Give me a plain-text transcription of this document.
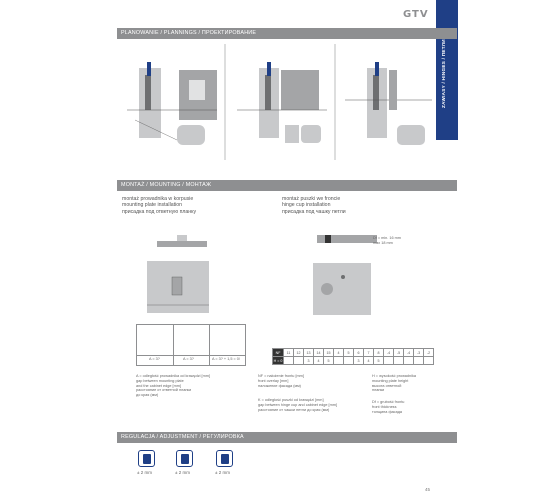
GTV
ZAWIASY / HINGES / ПЕТЛИ
PLANOWANIE / PLANNINGS / ПРОЕКТИРОВАНИЕ
MONTAŻ / MOUNTING / МОНТАЖ
montaż prowadnika w korpusie
mounting plate installation
присадка под ответную планку
montaż puszki we froncie
hinge cup installation
присадка под чашку петли
Df = min. 16 mm
max 18 mm
A = 3?	A = 3?	A = 3? + 1,5 = 0/
NF	11	12	13	14	15	4	5	6	7	8	-4	-5	-4	-3	-2
H = 0			3	4	5			3	4	5					
A = odległość prowadnika od krawędzi [mm]
gap between mounting plate
and the cabinet edge [mm]
расстояние от ответной планки
до края (мм)
NF = nałożenie frontu [mm]
front overlay [mm]
наложение фасада (мм)
K = odległość puszki od krawędzi [mm]
gap between hinge cup and cabinet edge [mm]
расстояние от чашки петли до края (мм)
H = wysokość prowadnika
mounting plate height
высота ответной
планки
Df = grubość frontu
front thickness
толщина фасада
REGULACJA / ADJUSTMENT / РЕГУЛИРОВКА
± 2 mm	± 2 mm	± 2 mm
45
